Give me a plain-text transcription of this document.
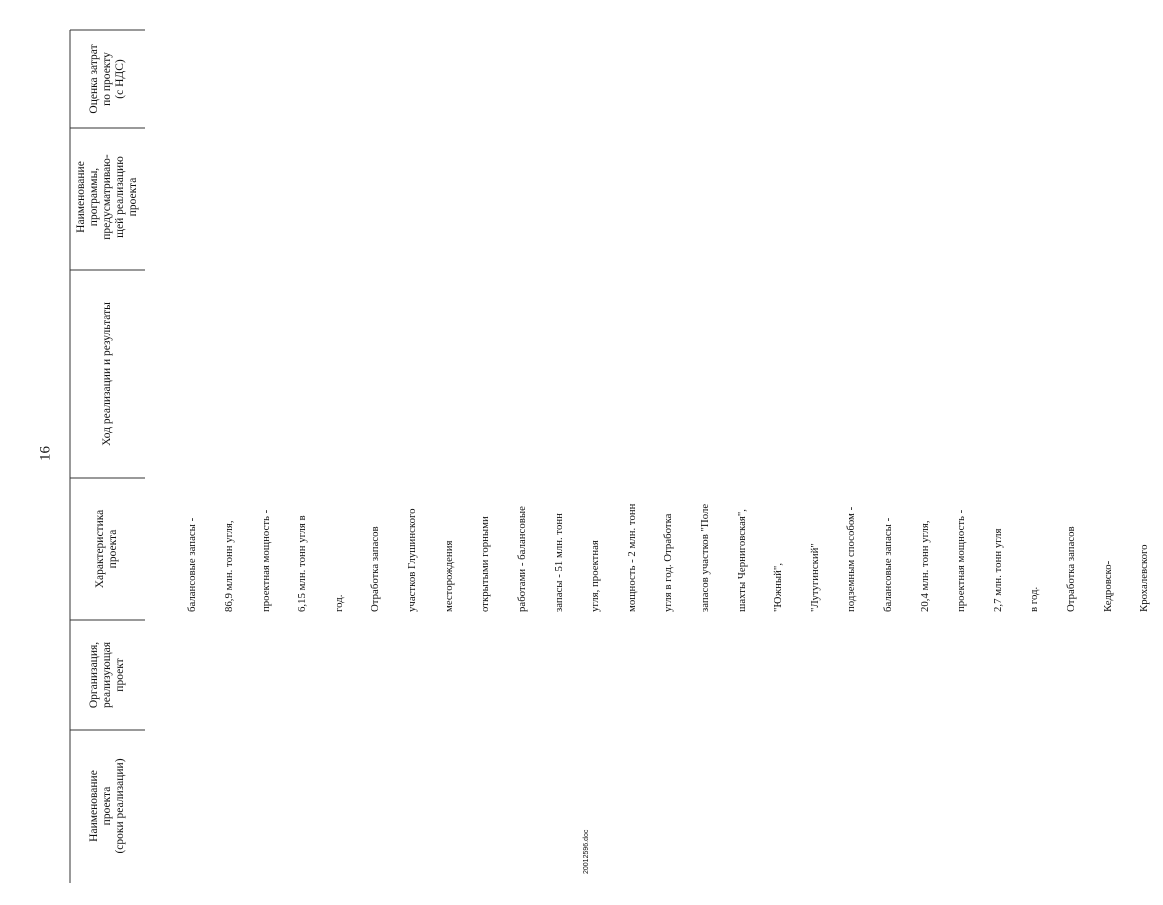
16
Оценка затрат по проекту (с НДС)
Наименование программы, предусматриваю- щей реализацию проекта
Ход реализации и результаты
Характеристика проекта
Организация, реализующая проект
Наименование проекта (сроки реализации)

балансовые запасы -

86,9 млн. тонн угля,

проектная мощность -

6,15 млн. тонн угля в

год.

Отработка запасов

участков Глушинского

месторождения

открытыми горными

работами - балансовые

запасы - 51 млн. тонн

угля, проектная

мощность - 2 млн. тонн

угля в год. Отработка

запасов участков "Поле

шахты Черниговская",

"Южный",

"Лутугинский"

подземным способом -

балансовые запасы -

20,4 млн. тонн угля,

проектная мощность -

2,7 млн. тонн угля

в год.

Отработка запасов

Кедровско-

Крохалевского

20012596.doc
